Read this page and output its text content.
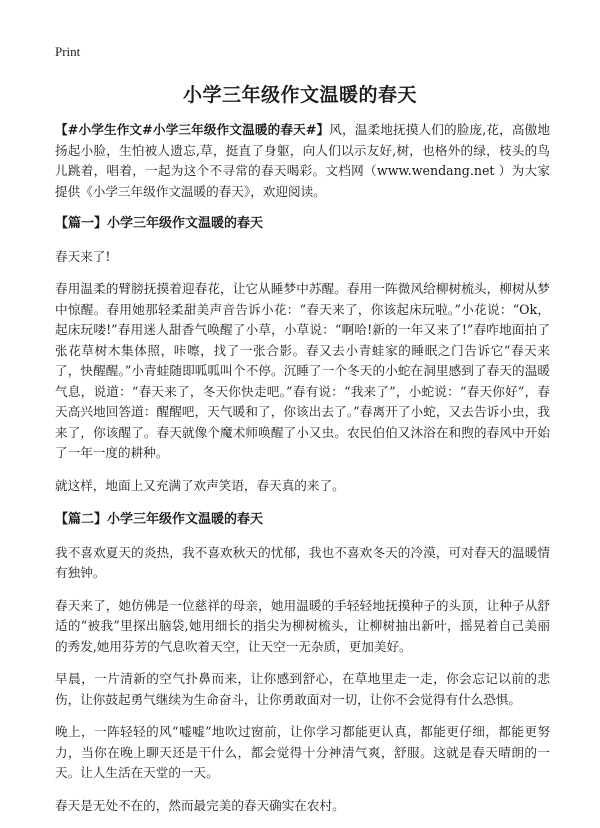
Print
小学三年级作文温暖的春天

【#小学生作文#小学三年级作文温暖的春天#】风，温柔地抚摸人们的脸庞,花，高傲地扬起小脸，生怕被人遗忘,草，挺直了身躯，向人们以示友好,树，也格外的绿，枝头的鸟儿跳着，唱着，一起为这个不寻常的春天喝彩。文档网（www.wendang.net ）为大家提供《小学三年级作文温暖的春天》，欢迎阅读。

【篇一】小学三年级作文温暖的春天

春天来了!

春用温柔的臂膀抚摸着迎春花，让它从睡梦中苏醒。春用一阵微风给柳树梳头，柳树从梦中惊醒。春用她那轻柔甜美声音告诉小花：“春天来了，你该起床玩啦。”小花说：“Ok，起床玩喽!”春用迷人甜香气唤醒了小草，小草说：“啊哈!新的一年又来了!”春咋地面拍了张花草树木集体照，咔嚓，找了一张合影。春又去小青蛙家的睡眠之门告诉它“春天来了，快醒醒。”小青蛙随即呱呱叫个不停。沉睡了一个冬天的小蛇在洞里感到了春天的温暖气息，说道：“春天来了，冬天你快走吧。”春有说：“我来了”，小蛇说：“春天你好”，春天高兴地回答道：醒醒吧，天气暖和了，你该出去了。”春离开了小蛇，又去告诉小虫，我来了，你该醒了。春天就像个魔术师唤醒了小又虫。农民伯伯又沐浴在和煦的春风中开始了一年一度的耕种。

就这样，地面上又充满了欢声笑语，春天真的来了。

【篇二】小学三年级作文温暖的春天

我不喜欢夏天的炎热，我不喜欢秋天的忧郁，我也不喜欢冬天的冷漠，可对春天的温暖情有独钟。

春天来了，她仿佛是一位慈祥的母亲，她用温暖的手轻轻地抚摸种子的头顶，让种子从舒适的“被我”里探出脑袋,她用细长的指尖为柳树梳头，让柳树抽出新叶，摇晃着自己美丽的秀发,她用芬芳的气息吹着天空，让天空一无杂质，更加美好。

早晨，一片清新的空气扑鼻而来，让你感到舒心，在草地里走一走，你会忘记以前的悲伤，让你鼓起勇气继续为生命奋斗，让你勇敢面对一切，让你不会觉得有什么恐惧。

晚上，一阵轻轻的风“嘘嘘”地吹过窗前，让你学习都能更认真，都能更仔细，都能更努力，当你在晚上聊天还是干什么，都会觉得十分神清气爽，舒服。这就是春天晴朗的一天。让人生活在天堂的一天。

春天是无处不在的，然而最完美的春天确实在农村。
